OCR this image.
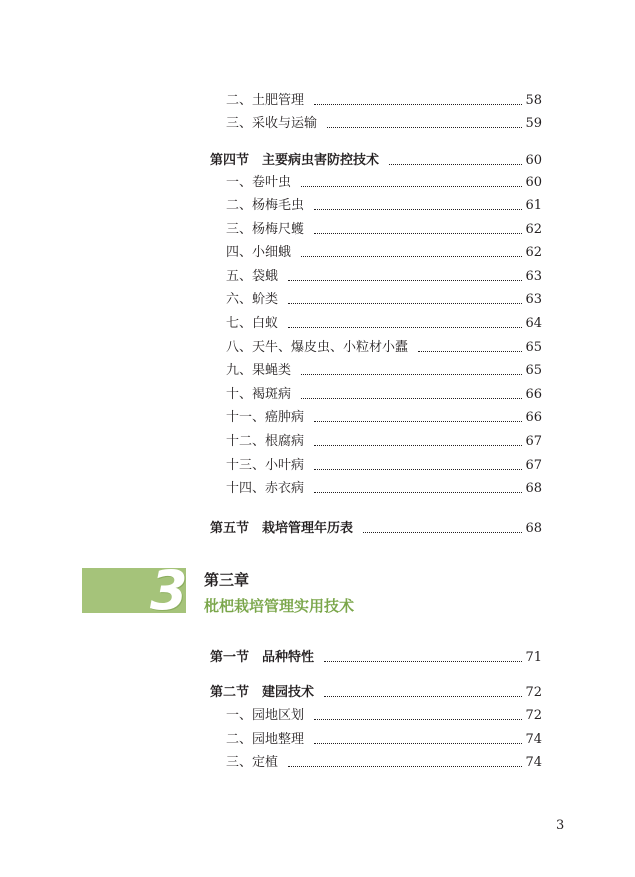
二、土肥管理	58
三、采收与运输	59
第四节　主要病虫害防控技术	60
一、卷叶虫	60
二、杨梅毛虫	61
三、杨梅尺蠖	62
四、小细蛾	62
五、袋蛾	63
六、蚧类	63
七、白蚁	64
八、天牛、爆皮虫、小粒材小蠹	65
九、果蝇类	65
十、褐斑病	66
十一、癌肿病	66
十二、根腐病	67
十三、小叶病	67
十四、赤衣病	68
第五节　栽培管理年历表	68
3 第三章
枇杷栽培管理实用技术
第一节　品种特性	71
第二节　建园技术	72
一、园地区划	72
二、园地整理	74
三、定植	74
3
